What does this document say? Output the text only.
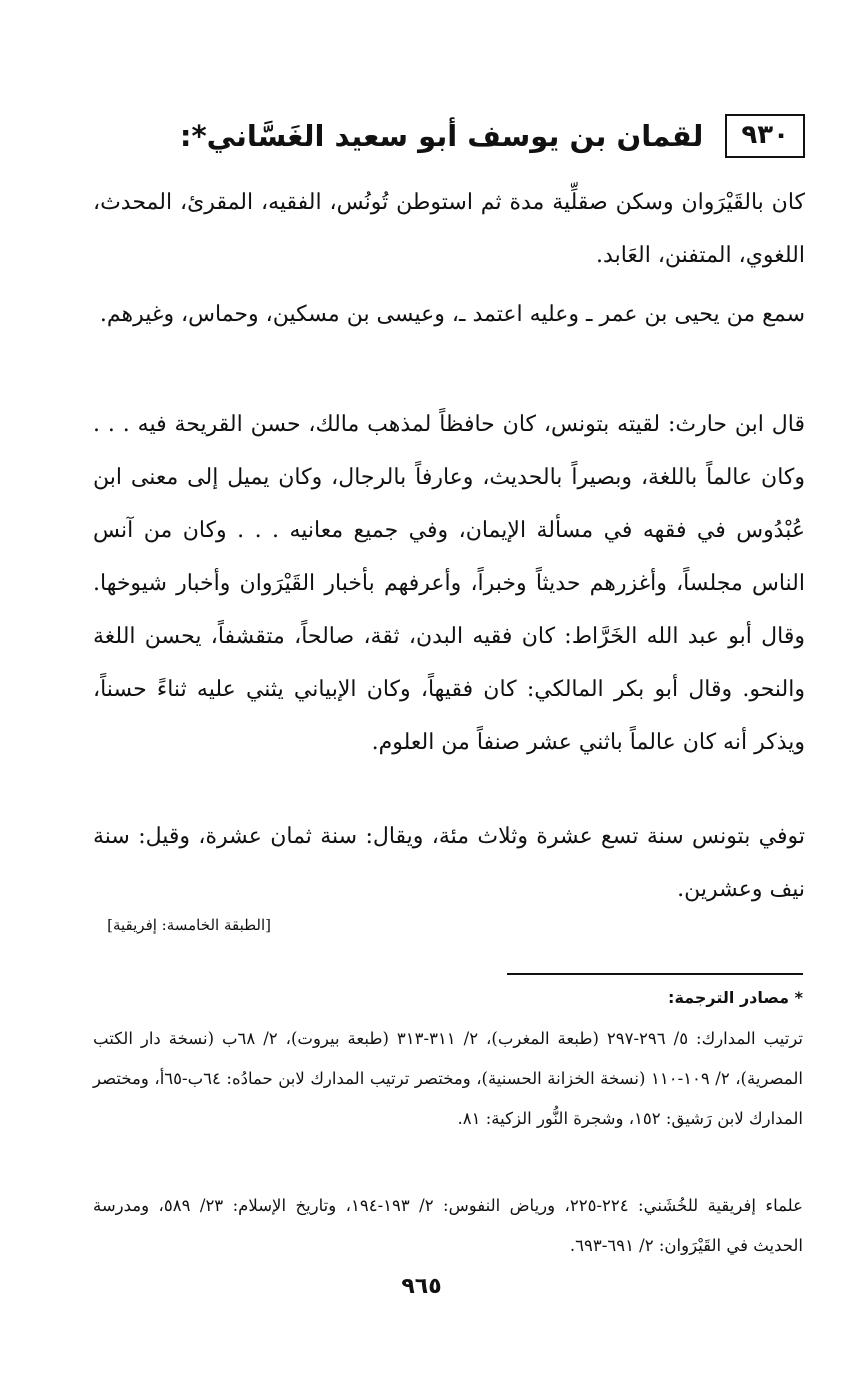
٩٣٠
لقمان بن يوسف أبو سعيد الغَسَّاني*:

كان بالقَيْرَوان وسكن صقلِّية مدة ثم استوطن تُونُس، الفقيه، المقرئ، المحدث، اللغوي، المتفنن، العَابد.

سمع من يحيى بن عمر ـ وعليه اعتمد ـ، وعيسى بن مسكين، وحماس، وغيرهم.

قال ابن حارث: لقيته بتونس، كان حافظاً لمذهب مالك، حسن القريحة فيه . . . وكان عالماً باللغة، وبصيراً بالحديث، وعارفاً بالرجال، وكان يميل إلى معنى ابن عُبْدُوس في فقهه في مسألة الإيمان، وفي جميع معانيه . . . وكان من آنس الناس مجلساً، وأغزرهم حديثاً وخبراً، وأعرفهم بأخبار القَيْرَوان وأخبار شيوخها. وقال أبو عبد الله الخَرَّاط: كان فقيه البدن، ثقة، صالحاً، متقشفاً، يحسن اللغة والنحو. وقال أبو بكر المالكي: كان فقيهاً، وكان الإبياني يثني عليه ثناءً حسناً، ويذكر أنه كان عالماً باثني عشر صنفاً من العلوم.

توفي بتونس سنة تسع عشرة وثلاث مئة، ويقال: سنة ثمان عشرة، وقيل: سنة نيف وعشرين.

[الطبقة الخامسة: إفريقية]
* مصادر الترجمة:

ترتيب المدارك: ٥/ ٢٩٦-٢٩٧ (طبعة المغرب)، ٢/ ٣١١-٣١٣ (طبعة بيروت)، ٢/ ٦٨ب (نسخة دار الكتب المصرية)، ٢/ ١٠٩-١١٠ (نسخة الخزانة الحسنية)، ومختصر ترتيب المدارك لابن حمادُه: ٦٤ب-٦٥أ، ومختصر المدارك لابن رَشيق: ١٥٢، وشجرة النُّور الزكية: ٨١.

علماء إفريقية للخُشَني: ٢٢٤-٢٢٥، ورياض النفوس: ٢/ ١٩٣-١٩٤، وتاريخ الإسلام: ٢٣/ ٥٨٩، ومدرسة الحديث في القَيْرَوان: ٢/ ٦٩١-٦٩٣.

٩٦٥
